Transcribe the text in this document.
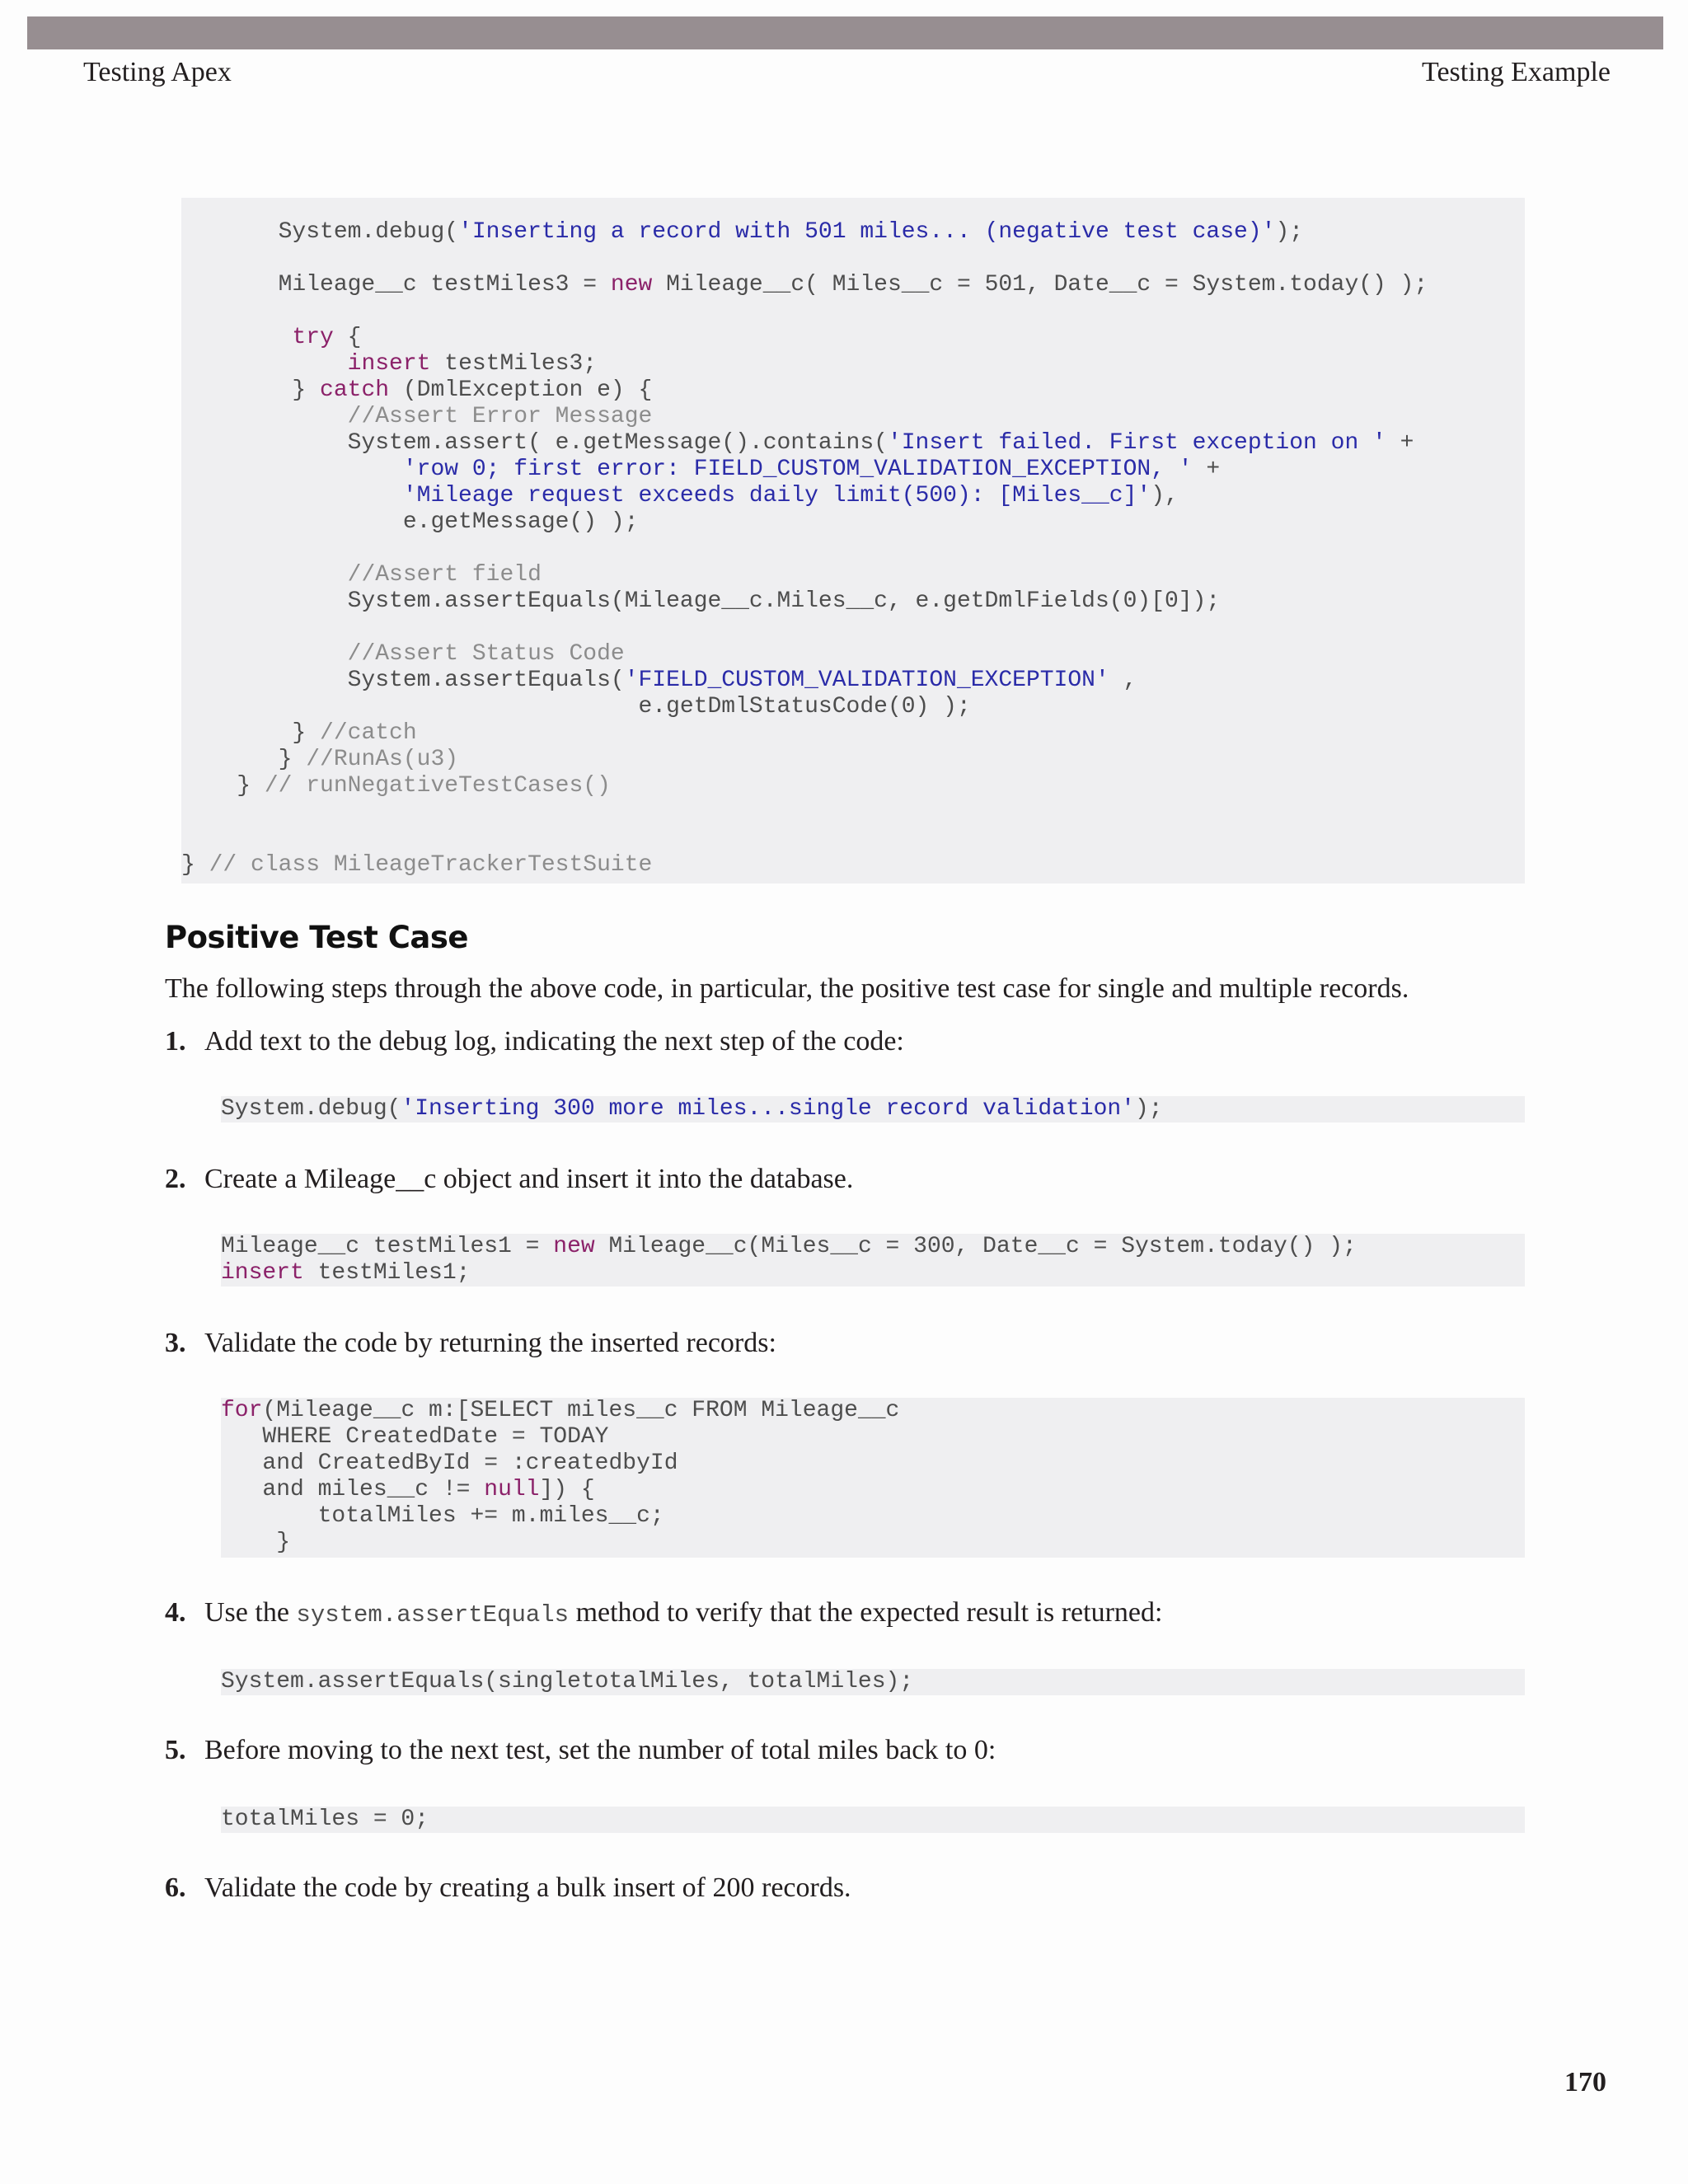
Testing Apex	Testing Example
System.debug('Inserting a record with 501 miles... (negative test case)');
Mileage__c testMiles3 = new Mileage__c( Miles__c = 501, Date__c = System.today() );
try {
insert testMiles3;
} catch (DmlException e) {
//Assert Error Message
System.assert( e.getMessage().contains('Insert failed. First exception on ' +
'row 0; first error: FIELD_CUSTOM_VALIDATION_EXCEPTION, ' +
'Mileage request exceeds daily limit(500): [Miles__c]'),
e.getMessage() );
//Assert field
System.assertEquals(Mileage__c.Miles__c, e.getDmlFields(0)[0]);
//Assert Status Code
System.assertEquals('FIELD_CUSTOM_VALIDATION_EXCEPTION' ,
e.getDmlStatusCode(0) );
} //catch
} //RunAs(u3)
} // runNegativeTestCases()
} // class MileageTrackerTestSuite
Positive Test Case
The following steps through the above code, in particular, the positive test case for single and multiple records.
1. Add text to the debug log, indicating the next step of the code:
System.debug('Inserting 300 more miles...single record validation');
2. Create a Mileage__c object and insert it into the database.
Mileage__c testMiles1 = new Mileage__c(Miles__c = 300, Date__c = System.today() );
insert testMiles1;
3. Validate the code by returning the inserted records:
for(Mileage__c m:[SELECT miles__c FROM Mileage__c
WHERE CreatedDate = TODAY
and CreatedById = :createdbyId
and miles__c != null]) {
totalMiles += m.miles__c;
}
4. Use the system.assertEquals method to verify that the expected result is returned:
System.assertEquals(singletotalMiles, totalMiles);
5. Before moving to the next test, set the number of total miles back to 0:
totalMiles = 0;
6. Validate the code by creating a bulk insert of 200 records.
170
